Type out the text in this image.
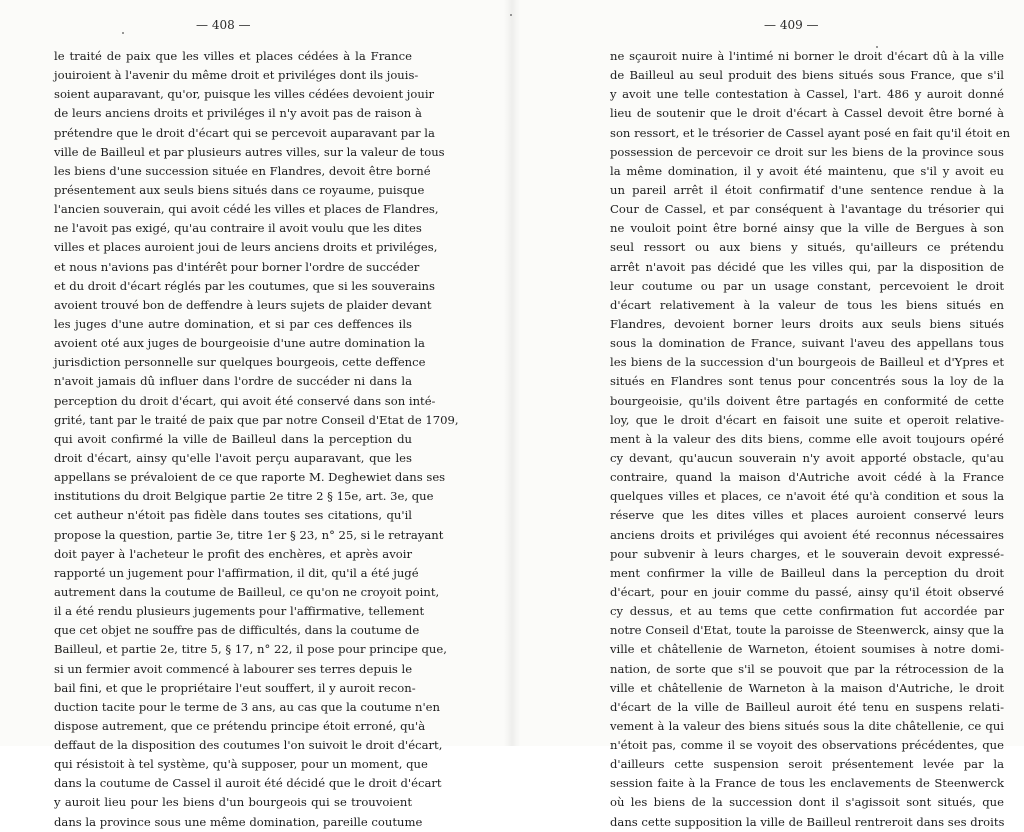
— 408 —
le traité de paix que les villes et places cédées à la France
jouiroient à l'avenir du même droit et priviléges dont ils jouis-
soient auparavant, qu'or, puisque les villes cédées devoient jouir
de leurs anciens droits et priviléges il n'y avoit pas de raison à
prétendre que le droit d'écart qui se percevoit auparavant par la
ville de Bailleul et par plusieurs autres villes, sur la valeur de tous
les biens d'une succession située en Flandres, devoit être borné
présentement aux seuls biens situés dans ce royaume, puisque
l'ancien souverain, qui avoit cédé les villes et places de Flandres,
ne l'avoit pas exigé, qu'au contraire il avoit voulu que les dites
villes et places auroient joui de leurs anciens droits et priviléges,
et nous n'avions pas d'intérêt pour borner l'ordre de succéder
et du droit d'écart réglés par les coutumes, que si les souverains
avoient trouvé bon de deffendre à leurs sujets de plaider devant
les juges d'une autre domination, et si par ces deffences ils
avoient oté aux juges de bourgeoisie d'une autre domination la
jurisdiction personnelle sur quelques bourgeois, cette deffence
n'avoit jamais dû influer dans l'ordre de succéder ni dans la
perception du droit d'écart, qui avoit été conservé dans son inté-
grité, tant par le traité de paix que par notre Conseil d'Etat de 1709,
qui avoit confirmé la ville de Bailleul dans la perception du
droit d'écart, ainsy qu'elle l'avoit perçu auparavant, que les
appellans se prévaloient de ce que raporte M. Deghewiet dans ses
institutions du droit Belgique partie 2e titre 2 § 15e, art. 3e, que
cet autheur n'étoit pas fidèle dans toutes ses citations, qu'il
propose la question, partie 3e, titre 1er § 23, n° 25, si le retrayant
doit payer à l'acheteur le profit des enchères, et après avoir
rapporté un jugement pour l'affirmation, il dit, qu'il a été jugé
autrement dans la coutume de Bailleul, ce qu'on ne croyoit point,
il a été rendu plusieurs jugements pour l'affirmative, tellement
que cet objet ne souffre pas de difficultés, dans la coutume de
Bailleul, et partie 2e, titre 5, § 17, n° 22, il pose pour principe que,
si un fermier avoit commencé à labourer ses terres depuis le
bail fini, et que le propriétaire l'eut souffert, il y auroit recon-
duction tacite pour le terme de 3 ans, au cas que la coutume n'en
dispose autrement, que ce prétendu principe étoit erroné, qu'à
deffaut de la disposition des coutumes l'on suivoit le droit d'écart,
qui résistoit à tel système, qu'à supposer, pour un moment, que
dans la coutume de Cassel il auroit été décidé que le droit d'écart
y auroit lieu pour les biens d'un bourgeois qui se trouvoient
dans la province sous une même domination, pareille coutume
— 409 —
ne sçauroit nuire à l'intimé ni borner le droit d'écart dû à la ville
de Bailleul au seul produit des biens situés sous France, que s'il
y avoit une telle contestation à Cassel, l'art. 486 y auroit donné
lieu de soutenir que le droit d'écart à Cassel devoit être borné à
son ressort, et le trésorier de Cassel ayant posé en fait qu'il étoit en
possession de percevoir ce droit sur les biens de la province sous
la même domination, il y avoit été maintenu, que s'il y avoit eu
un pareil arrêt il étoit confirmatif d'une sentence rendue à la
Cour de Cassel, et par conséquent à l'avantage du trésorier qui
ne vouloit point être borné ainsy que la ville de Bergues à son
seul ressort ou aux biens y situés, qu'ailleurs ce prétendu
arrêt n'avoit pas décidé que les villes qui, par la disposition de
leur coutume ou par un usage constant, percevoient le droit
d'écart relativement à la valeur de tous les biens situés en
Flandres, devoient borner leurs droits aux seuls biens situés
sous la domination de France, suivant l'aveu des appellans tous
les biens de la succession d'un bourgeois de Bailleul et d'Ypres et
situés en Flandres sont tenus pour concentrés sous la loy de la
bourgeoisie, qu'ils doivent être partagés en conformité de cette
loy, que le droit d'écart en faisoit une suite et operoit relative-
ment à la valeur des dits biens, comme elle avoit toujours opéré
cy devant, qu'aucun souverain n'y avoit apporté obstacle, qu'au
contraire, quand la maison d'Autriche avoit cédé à la France
quelques villes et places, ce n'avoit été qu'à condition et sous la
réserve que les dites villes et places auroient conservé leurs
anciens droits et priviléges qui avoient été reconnus nécessaires
pour subvenir à leurs charges, et le souverain devoit expressé-
ment confirmer la ville de Bailleul dans la perception du droit
d'écart, pour en jouir comme du passé, ainsy qu'il étoit observé
cy dessus, et au tems que cette confirmation fut accordée par
notre Conseil d'Etat, toute la paroisse de Steenwerck, ainsy que la
ville et châtellenie de Warneton, étoient soumises à notre domi-
nation, de sorte que s'il se pouvoit que par la rétrocession de la
ville et châtellenie de Warneton à la maison d'Autriche, le droit
d'écart de la ville de Bailleul auroit été tenu en suspens relati-
vement à la valeur des biens situés sous la dite châtellenie, ce qui
n'étoit pas, comme il se voyoit des observations précédentes, que
d'ailleurs cette suspension seroit présentement levée par la
session faite à la France de tous les enclavements de Steenwerck
où les biens de la succession dont il s'agissoit sont situés, que
dans cette supposition la ville de Bailleul rentreroit dans ses droits
